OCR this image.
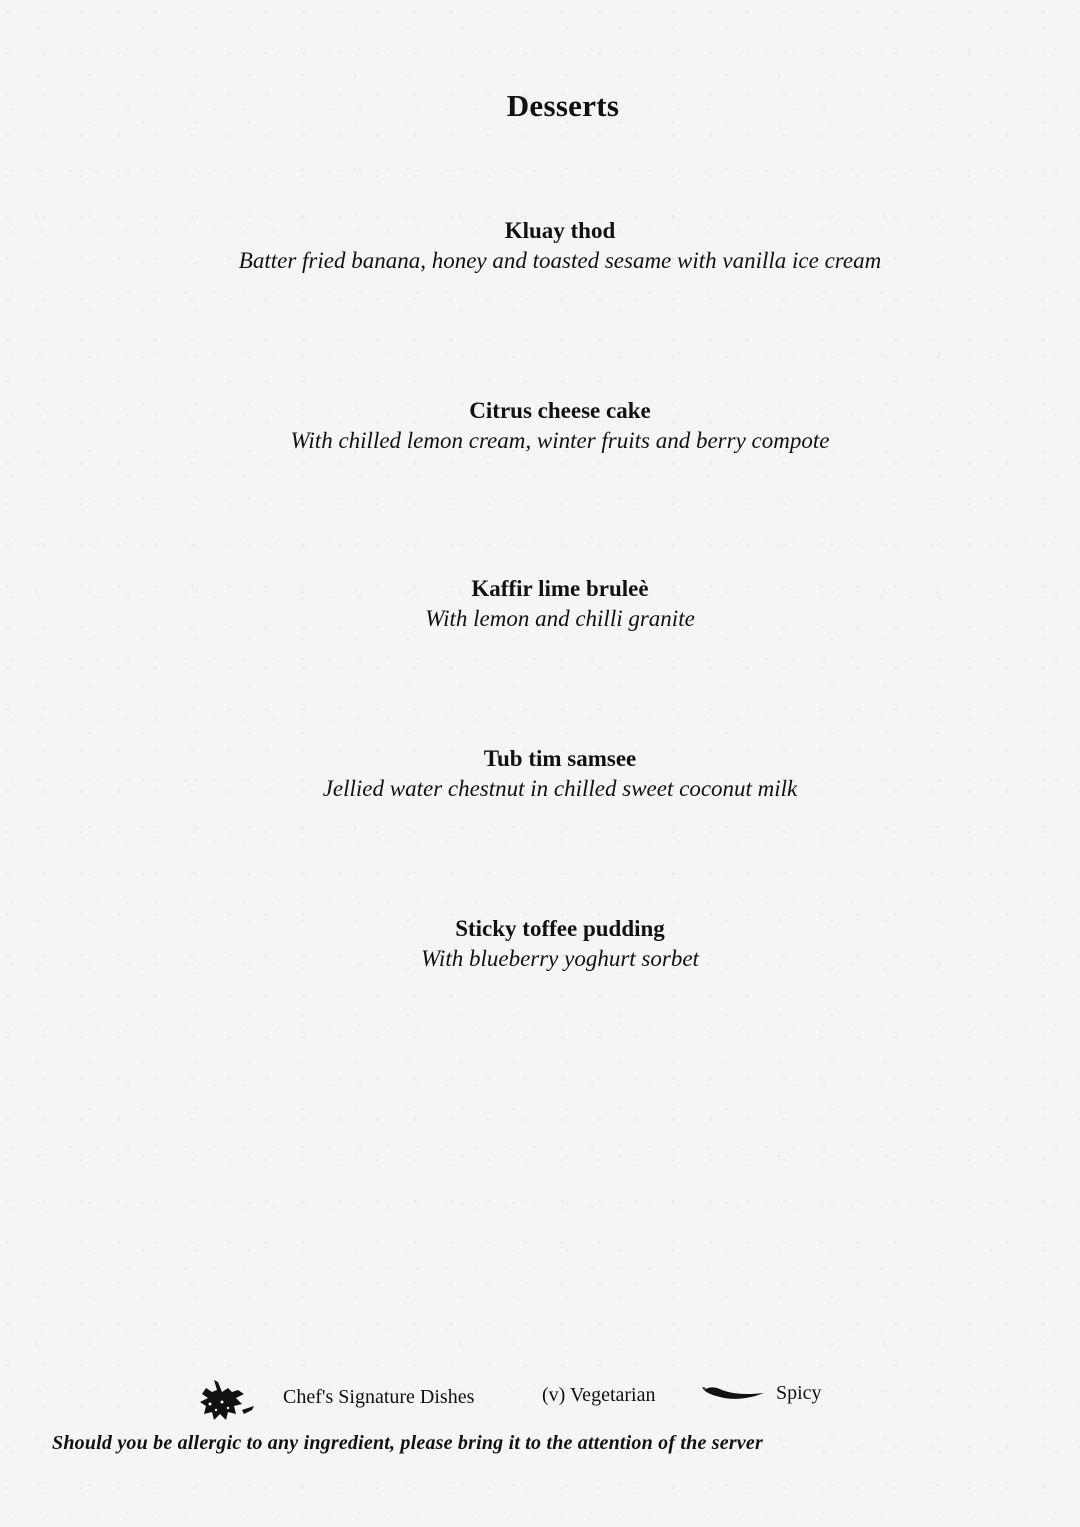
Desserts
Kluay thod
Batter fried banana, honey and toasted sesame with vanilla ice cream
Citrus cheese cake
With chilled lemon cream, winter fruits and berry compote
Kaffir lime bruleè
With lemon and chilli granite
Tub tim samsee
Jellied water chestnut in chilled sweet coconut milk
Sticky toffee pudding
With blueberry yoghurt sorbet
Chef's Signature Dishes	(v) Vegetarian	Spicy
Should you be allergic to any ingredient, please bring it to the attention of the server
